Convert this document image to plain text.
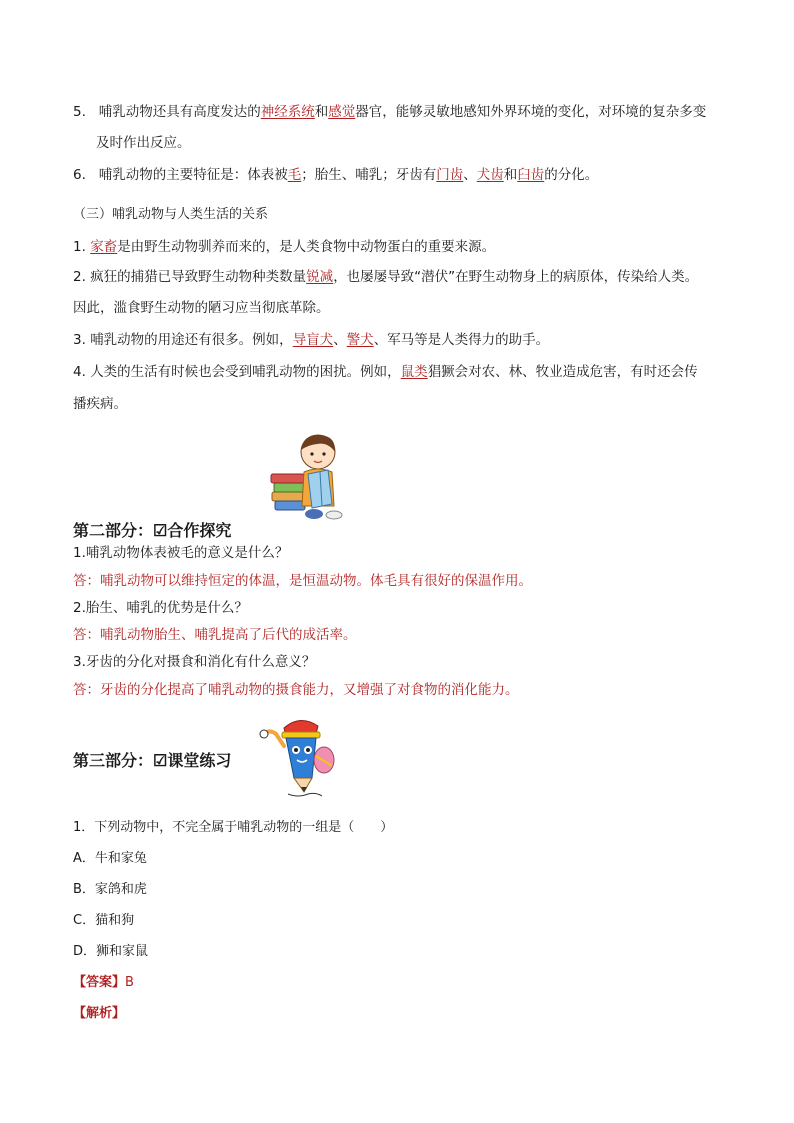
5. 哺乳动物还具有高度发达的神经系统和感觉器官，能够灵敏地感知外界环境的变化，对环境的复杂多变
及时作出反应。
6. 哺乳动物的主要特征是：体表被毛；胎生、哺乳；牙齿有门齿、犬齿和臼齿的分化。
（三）哺乳动物与人类生活的关系
1. 家畜是由野生动物驯养而来的，是人类食物中动物蛋白的重要来源。
2. 疯狂的捕猎已导致野生动物种类数量锐减，也屡屡导致“潜伏”在野生动物身上的病原体，传染给人类。
因此，滥食野生动物的陋习应当彻底革除。
3. 哺乳动物的用途还有很多。例如，导盲犬、警犬、军马等是人类得力的助手。
4. 人类的生活有时候也会受到哺乳动物的困扰。例如，鼠类猖獗会对农、林、牧业造成危害，有时还会传
播疾病。
第二部分：☑合作探究
1.哺乳动物体表被毛的意义是什么？
答：哺乳动物可以维持恒定的体温，是恒温动物。体毛具有很好的保温作用。
2.胎生、哺乳的优势是什么？
答：哺乳动物胎生、哺乳提高了后代的成活率。
3.牙齿的分化对摄食和消化有什么意义？
答：牙齿的分化提高了哺乳动物的摄食能力，又增强了对食物的消化能力。
第三部分：☑课堂练习
1．下列动物中，不完全属于哺乳动物的一组是（　　）
A．牛和家兔
B．家鸽和虎
C．猫和狗
D．狮和家鼠
【答案】B
【解析】
